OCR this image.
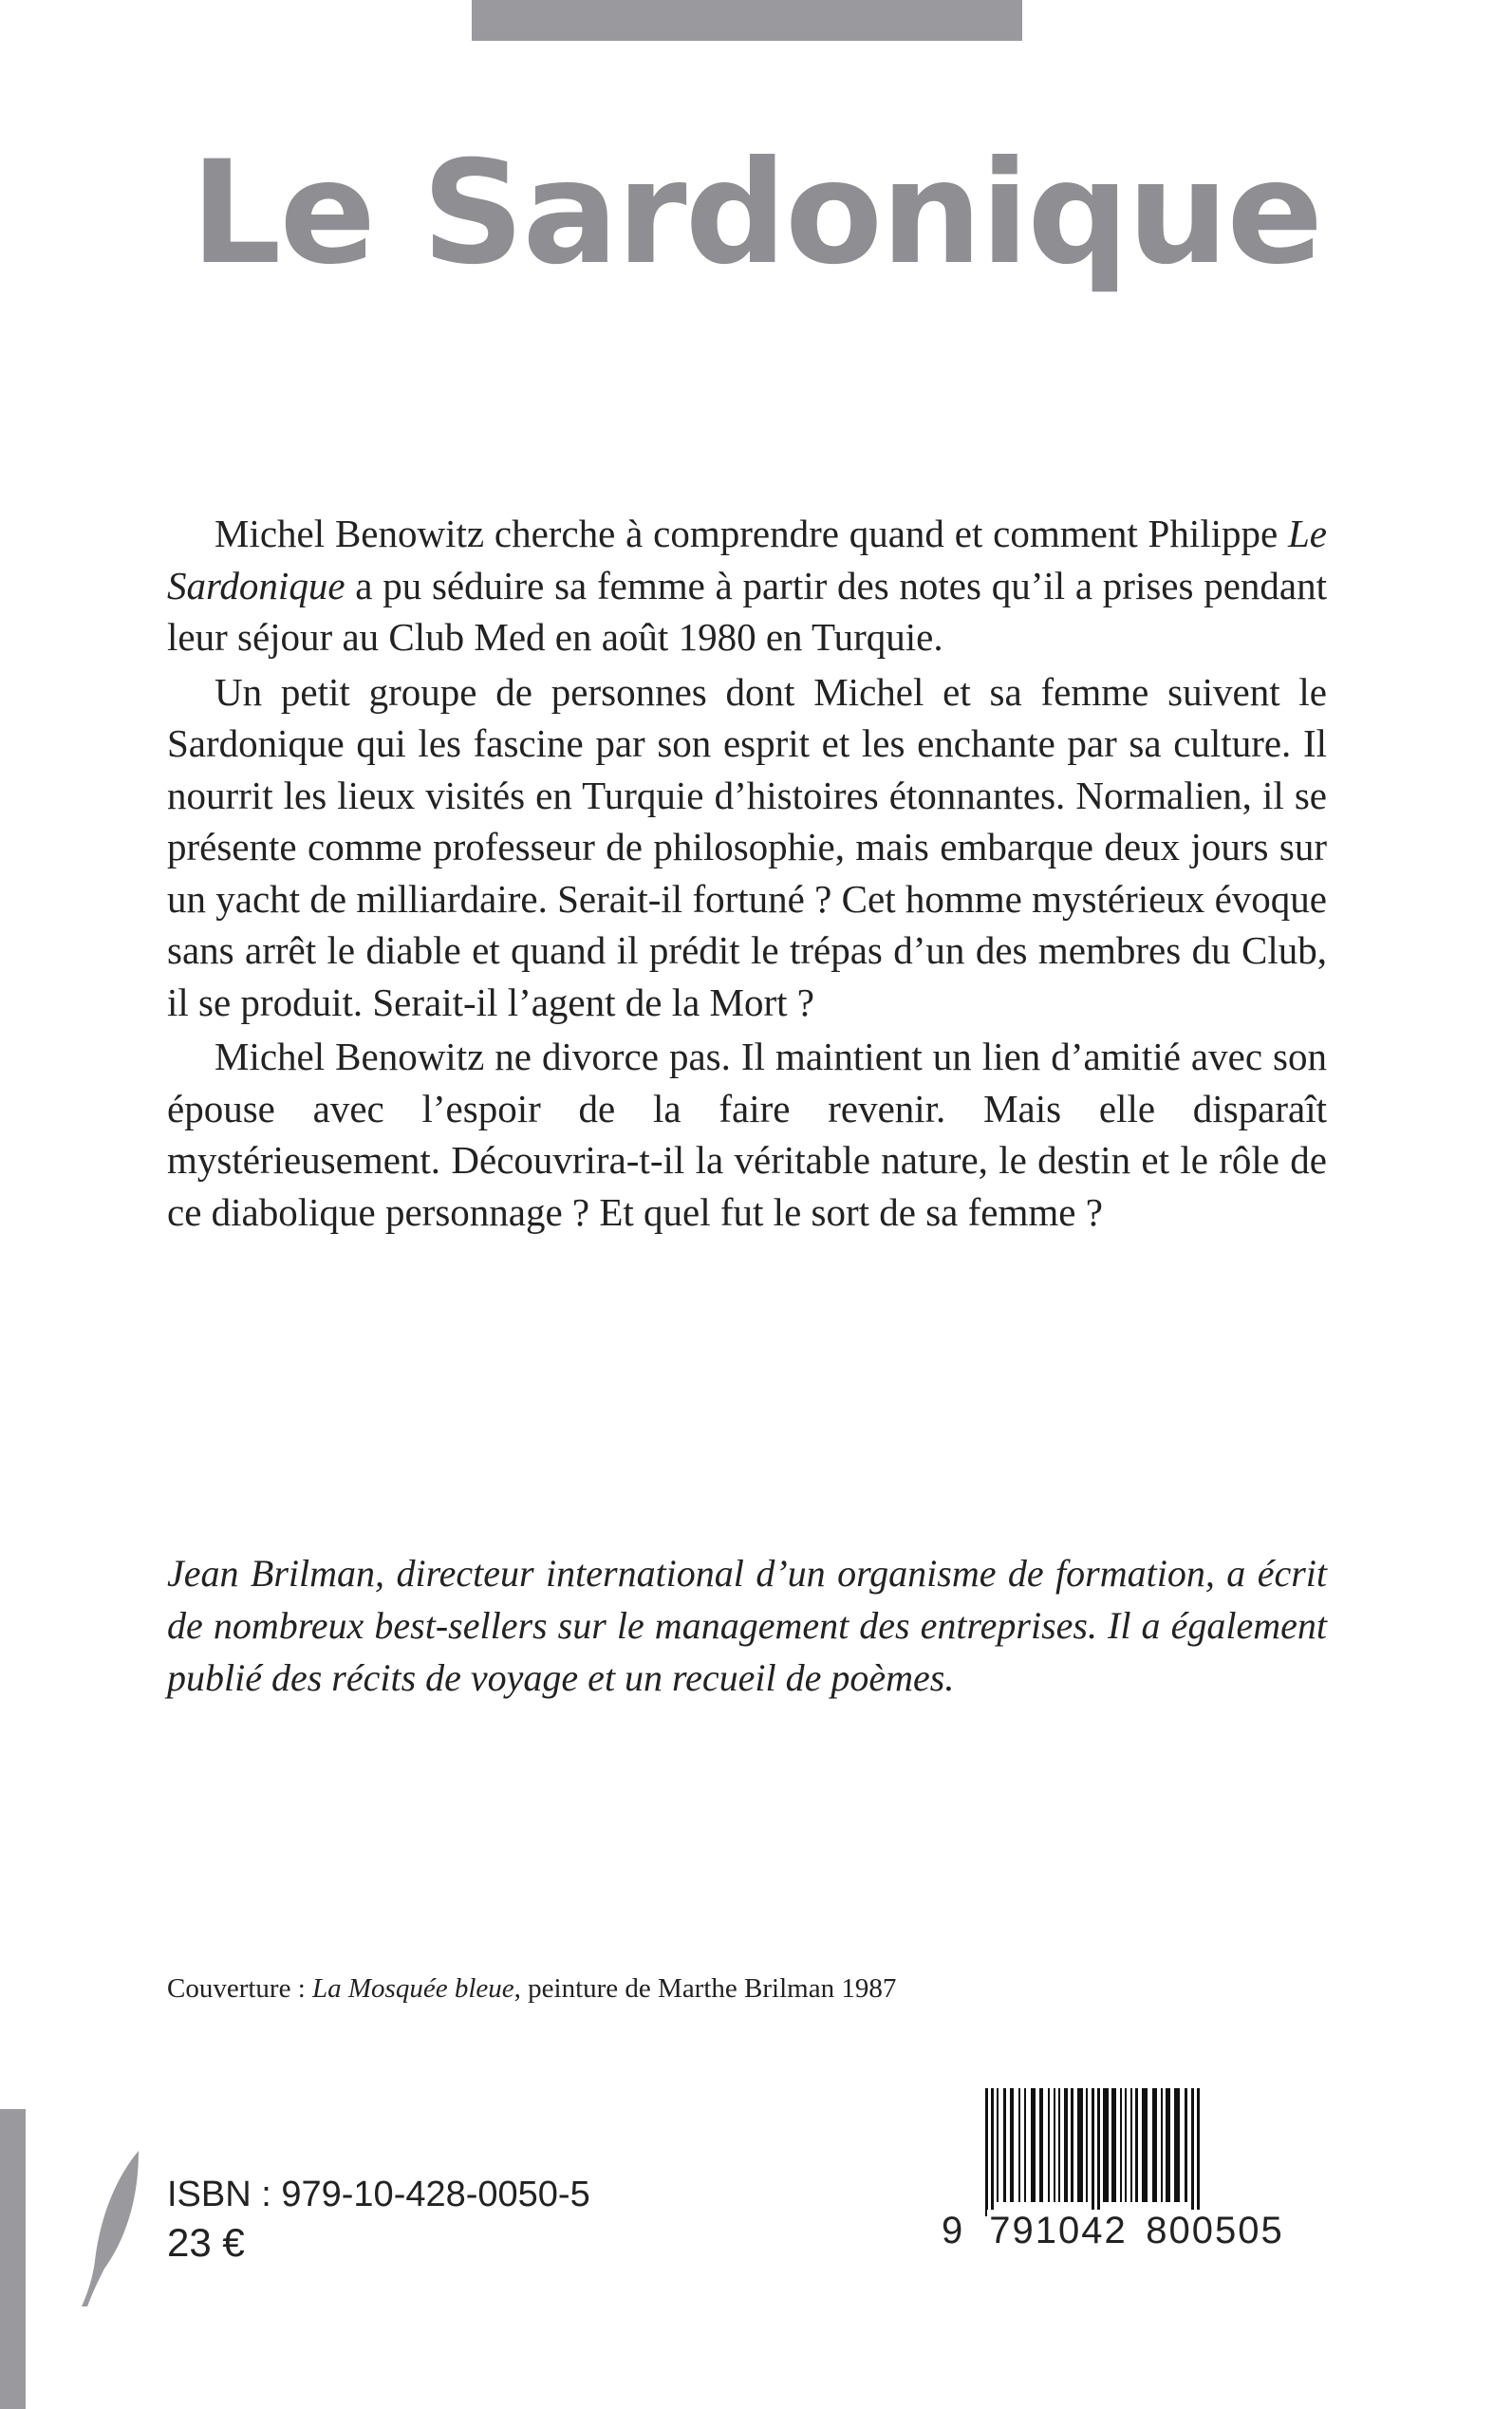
Le Sardonique

Michel Benowitz cherche à comprendre quand et comment Philippe Le Sardonique a pu séduire sa femme à partir des notes qu’il a prises pendant leur séjour au Club Med en août 1980 en Turquie.

Un petit groupe de personnes dont Michel et sa femme suivent le Sardonique qui les fascine par son esprit et les enchante par sa culture. Il nourrit les lieux visités en Turquie d’histoires étonnantes. Normalien, il se présente comme professeur de philosophie, mais embarque deux jours sur un yacht de milliardaire. Serait-il fortuné ? Cet homme mystérieux évoque sans arrêt le diable et quand il prédit le trépas d’un des membres du Club, il se produit. Serait-il l’agent de la Mort ?

Michel Benowitz ne divorce pas. Il maintient un lien d’amitié avec son épouse avec l’espoir de la faire revenir. Mais elle disparaît mystérieusement. Découvrira-t-il la véritable nature, le destin et le rôle de ce diabolique personnage ? Et quel fut le sort de sa femme ?

Jean Brilman, directeur international d’un organisme de formation, a écrit de nombreux best-sellers sur le management des entreprises. Il a également publié des récits de voyage et un recueil de poèmes.
Couverture : La Mosquée bleue, peinture de Marthe Brilman 1987
ISBN : 979-10-428-0050-5
23 €	9 791042 800505
